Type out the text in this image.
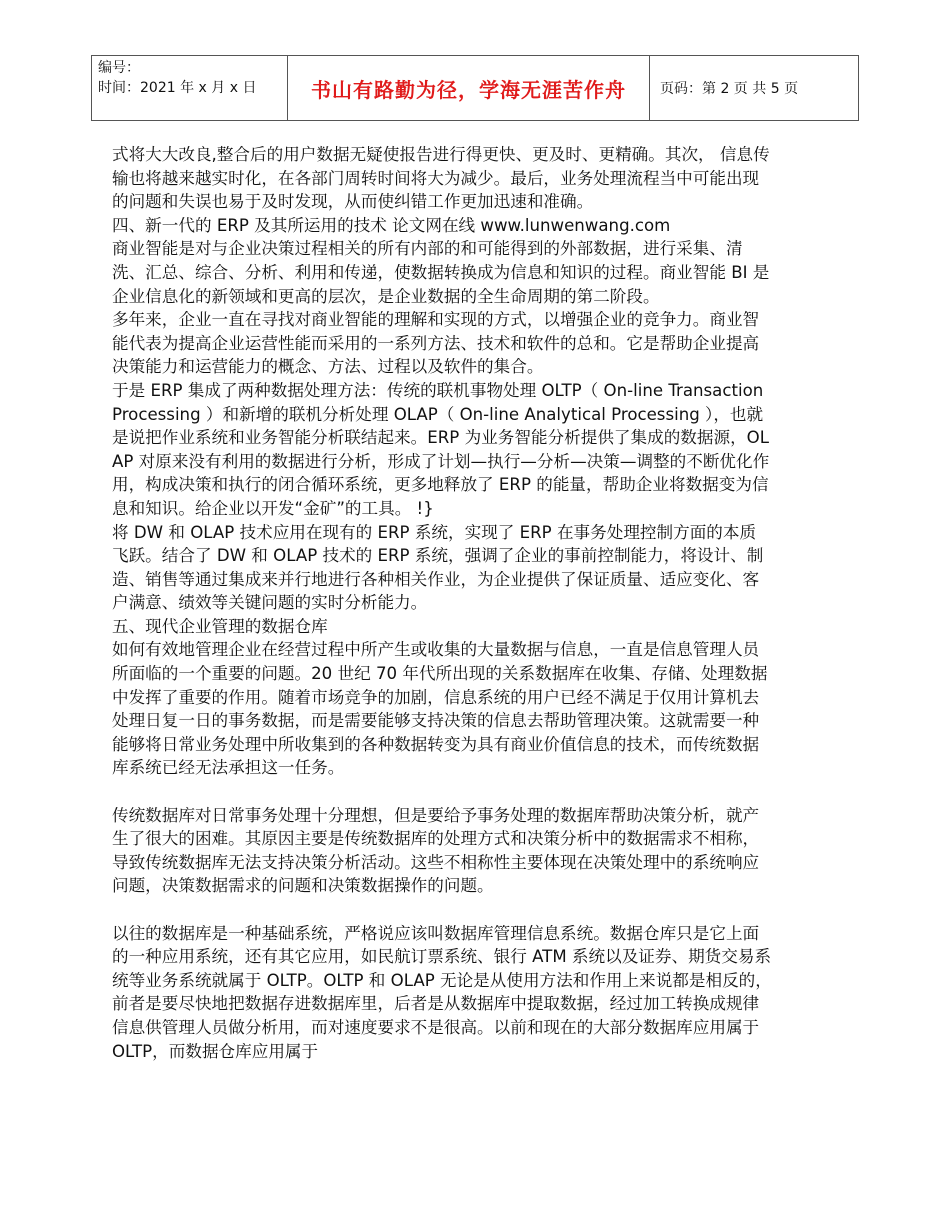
编号：
时间：2021 年 x 月 x 日	书山有路勤为径，学海无涯苦作舟	页码：第 2 页 共 5 页

式将大大改良,整合后的用户数据无疑使报告进行得更快、更及时、更精确。其次， 信息传输也将越来越实时化，在各部门周转时间将大为减少。最后，业务处理流程当中可能出现的问题和失误也易于及时发现，从而使纠错工作更加迅速和准确。

四、新一代的 ERP 及其所运用的技术 论文网在线 www.lunwenwang.com

商业智能是对与企业决策过程相关的所有内部的和可能得到的外部数据，进行采集、清洗、汇总、综合、分析、利用和传递，使数据转换成为信息和知识的过程。商业智能 BI 是企业信息化的新领域和更高的层次，是企业数据的全生命周期的第二阶段。

多年来，企业一直在寻找对商业智能的理解和实现的方式，以增强企业的竞争力。商业智能代表为提高企业运营性能而采用的一系列方法、技术和软件的总和。它是帮助企业提高决策能力和运营能力的概念、方法、过程以及软件的集合。

于是 ERP 集成了两种数据处理方法：传统的联机事物处理 OLTP（ On-line Transaction Processing ）和新增的联机分析处理 OLAP（ On-line Analytical Processing ），也就是说把作业系统和业务智能分析联结起来。ERP 为业务智能分析提供了集成的数据源，OLAP 对原来没有利用的数据进行分析，形成了计划—执行—分析—决策—调整的不断优化作用，构成决策和执行的闭合循环系统，更多地释放了 ERP 的能量，帮助企业将数据变为信息和知识。给企业以开发“金矿”的工具。 !}

将 DW 和 OLAP 技术应用在现有的 ERP 系统，实现了 ERP 在事务处理控制方面的本质飞跃。结合了 DW 和 OLAP 技术的 ERP 系统，强调了企业的事前控制能力，将设计、制造、销售等通过集成来并行地进行各种相关作业，为企业提供了保证质量、适应变化、客户满意、绩效等关键问题的实时分析能力。

五、现代企业管理的数据仓库

如何有效地管理企业在经营过程中所产生或收集的大量数据与信息，一直是信息管理人员所面临的一个重要的问题。20 世纪 70 年代所出现的关系数据库在收集、存储、处理数据中发挥了重要的作用。随着市场竞争的加剧，信息系统的用户已经不满足于仅用计算机去处理日复一日的事务数据，而是需要能够支持决策的信息去帮助管理决策。这就需要一种能够将日常业务处理中所收集到的各种数据转变为具有商业价值信息的技术，而传统数据库系统已经无法承担这一任务。

传统数据库对日常事务处理十分理想，但是要给予事务处理的数据库帮助决策分析，就产生了很大的困难。其原因主要是传统数据库的处理方式和决策分析中的数据需求不相称，导致传统数据库无法支持决策分析活动。这些不相称性主要体现在决策处理中的系统响应问题，决策数据需求的问题和决策数据操作的问题。

以往的数据库是一种基础系统，严格说应该叫数据库管理信息系统。数据仓库只是它上面的一种应用系统，还有其它应用，如民航订票系统、银行 ATM 系统以及证券、期货交易系统等业务系统就属于 OLTP。OLTP 和 OLAP 无论是从使用方法和作用上来说都是相反的，前者是要尽快地把数据存进数据库里，后者是从数据库中提取数据，经过加工转换成规律信息供管理人员做分析用，而对速度要求不是很高。以前和现在的大部分数据库应用属于 OLTP，而数据仓库应用属于
